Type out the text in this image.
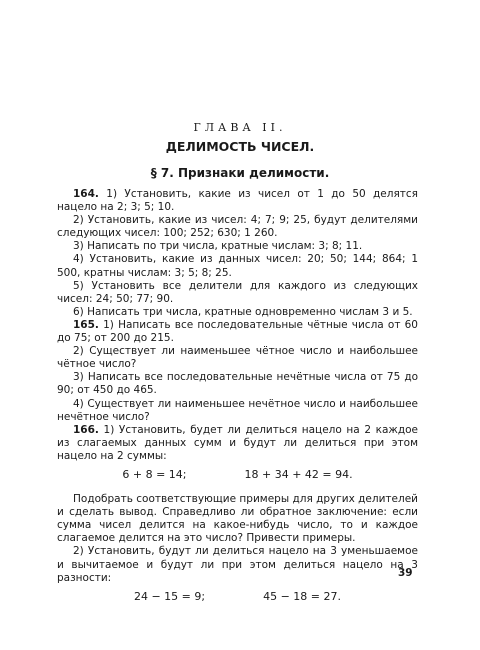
ГЛАВА II.
ДЕЛИМОСТЬ ЧИСЕЛ.
§ 7. Признаки делимости.
164. 1) Установить, какие из чисел от 1 до 50 делятся нацело на 2; 3; 5; 10.
2) Установить, какие из чисел: 4; 7; 9; 25, будут делителями следующих чисел: 100; 252; 630; 1 260.
3) Написать по три числа, кратные числам: 3; 8; 11.
4) Установить, какие из данных чисел: 20; 50; 144; 864; 1 500, кратны числам: 3; 5; 8; 25.
5) Установить все делители для каждого из следующих чисел: 24; 50; 77; 90.
6) Написать три числа, кратные одновременно числам 3 и 5.
165. 1) Написать все последовательные чётные числа от 60 до 75; от 200 до 215.
2) Существует ли наименьшее чётное число и наибольшее чётное число?
3) Написать все последовательные нечётные числа от 75 до 90; от 450 до 465.
4) Существует ли наименьшее нечётное число и наибольшее нечётное число?
166. 1) Установить, будет ли делиться нацело на 2 каждое из слагаемых данных сумм и будут ли делиться при этом нацело на 2 суммы:
6 + 8 = 14;	18 + 34 + 42 = 94.
Подобрать соответствующие примеры для других делителей и сделать вывод. Справедливо ли обратное заключение: если сумма чисел делится на какое-нибудь число, то и каждое слагаемое делится на это число? Привести примеры.
2) Установить, будут ли делиться нацело на 3 уменьшаемое и вычитаемое и будут ли при этом делиться нацело на 3 разности:
24 − 15 = 9;	45 − 18 = 27.
39
